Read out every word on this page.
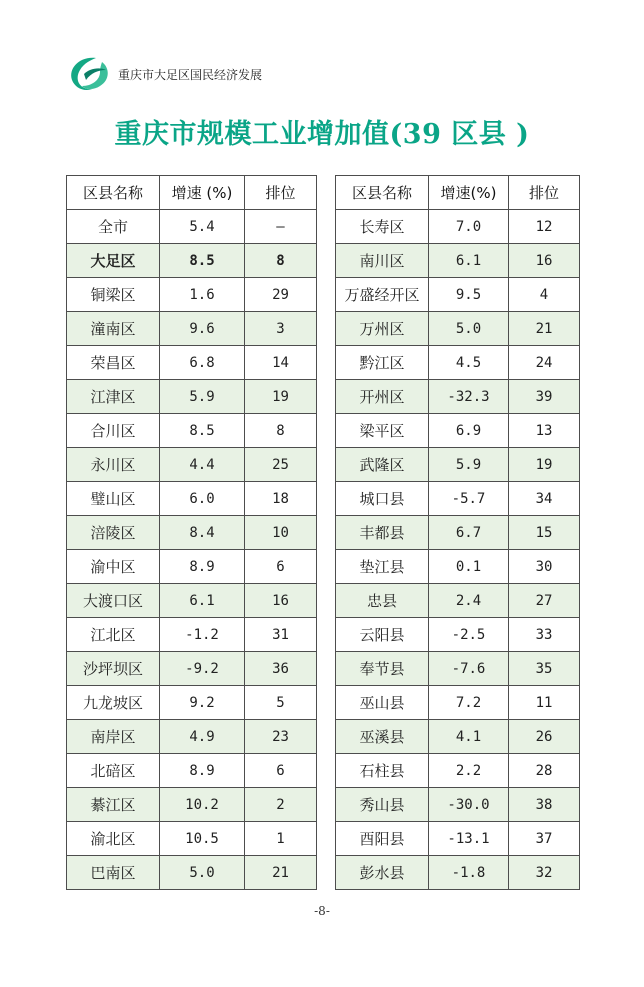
重庆市大足区国民经济发展
重庆市规模工业增加值(39 区县 )
区县名称	增速 (%)	排位
全市	5.4	—
大足区	8.5	8
铜梁区	1.6	29
潼南区	9.6	3
荣昌区	6.8	14
江津区	5.9	19
合川区	8.5	8
永川区	4.4	25
璧山区	6.0	18
涪陵区	8.4	10
渝中区	8.9	6
大渡口区	6.1	16
江北区	-1.2	31
沙坪坝区	-9.2	36
九龙坡区	9.2	5
南岸区	4.9	23
北碚区	8.9	6
綦江区	10.2	2
渝北区	10.5	1
巴南区	5.0	21
区县名称	增速(%)	排位
长寿区	7.0	12
南川区	6.1	16
万盛经开区	9.5	4
万州区	5.0	21
黔江区	4.5	24
开州区	-32.3	39
梁平区	6.9	13
武隆区	5.9	19
城口县	-5.7	34
丰都县	6.7	15
垫江县	0.1	30
忠县	2.4	27
云阳县	-2.5	33
奉节县	-7.6	35
巫山县	7.2	11
巫溪县	4.1	26
石柱县	2.2	28
秀山县	-30.0	38
酉阳县	-13.1	37
彭水县	-1.8	32
-8-
